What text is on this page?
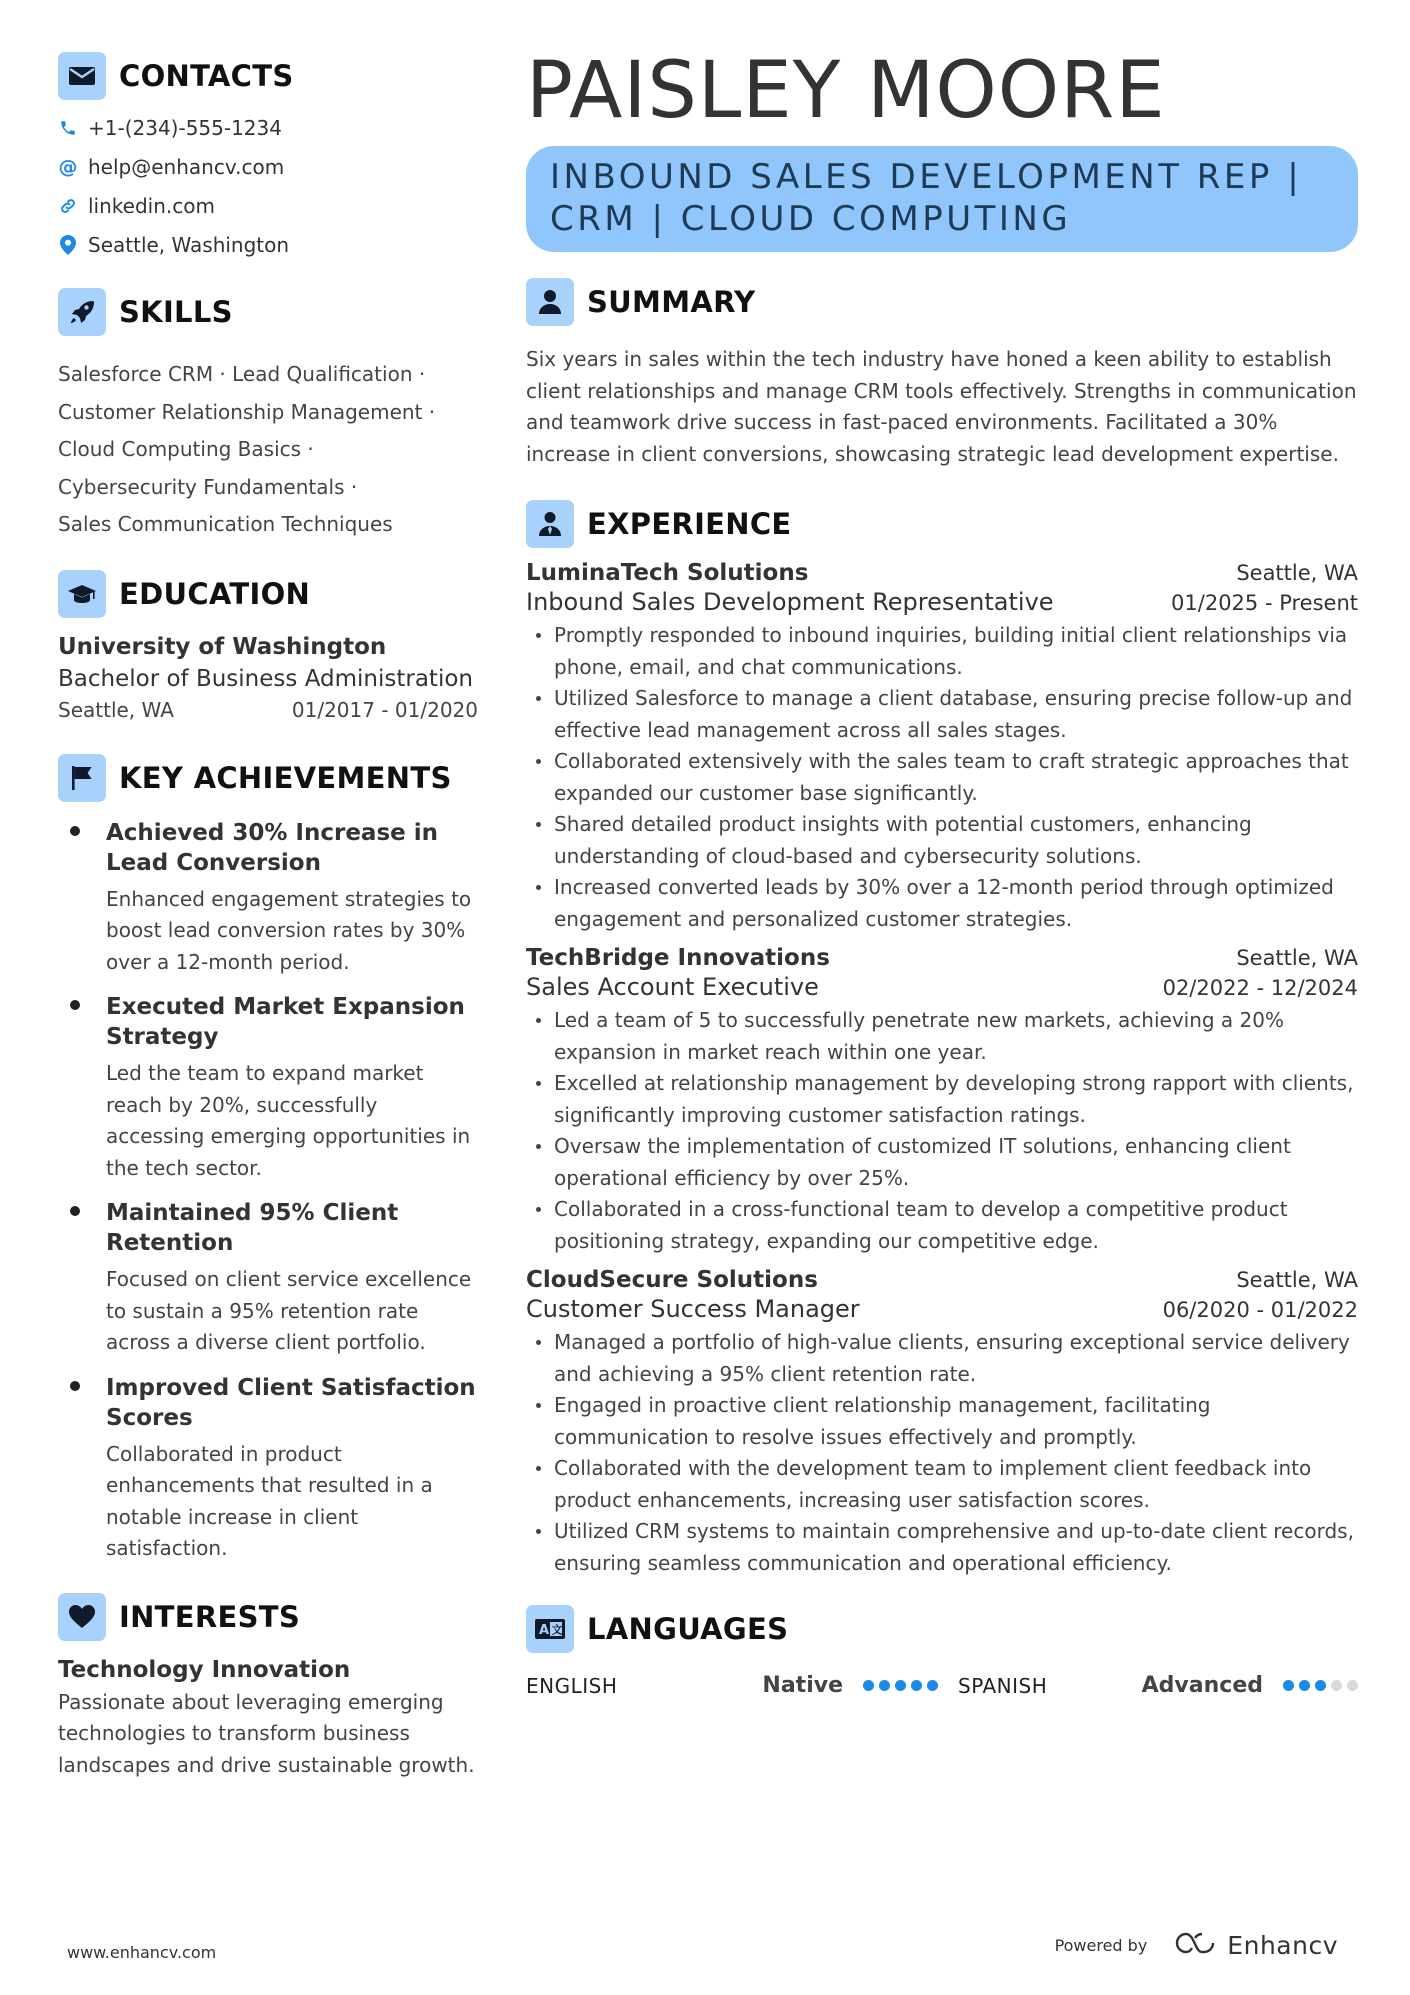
CONTACTS
+1-(234)-555-1234
@ help@enhancv.com
linkedin.com
Seattle, Washington
SKILLS
Salesforce CRM · Lead Qualification ·
Customer Relationship Management ·
Cloud Computing Basics ·
Cybersecurity Fundamentals ·
Sales Communication Techniques
EDUCATION
University of Washington
Bachelor of Business Administration
Seattle, WA	01/2017 - 01/2020
KEY ACHIEVEMENTS
Achieved 30% Increase in Lead Conversion
Enhanced engagement strategies to boost lead conversion rates by 30% over a 12-month period.
Executed Market Expansion Strategy
Led the team to expand market reach by 20%, successfully accessing emerging opportunities in the tech sector.
Maintained 95% Client Retention
Focused on client service excellence to sustain a 95% retention rate across a diverse client portfolio.
Improved Client Satisfaction Scores
Collaborated in product enhancements that resulted in a notable increase in client satisfaction.
INTERESTS
Technology Innovation
Passionate about leveraging emerging technologies to transform business landscapes and drive sustainable growth.
PAISLEY MOORE
INBOUND SALES DEVELOPMENT REP | CRM | CLOUD COMPUTING
SUMMARY
Six years in sales within the tech industry have honed a keen ability to establish client relationships and manage CRM tools effectively. Strengths in communication and teamwork drive success in fast-paced environments. Facilitated a 30% increase in client conversions, showcasing strategic lead development expertise.
EXPERIENCE
LuminaTech Solutions	Seattle, WA
Inbound Sales Development Representative	01/2025 - Present
Promptly responded to inbound inquiries, building initial client relationships via phone, email, and chat communications.
Utilized Salesforce to manage a client database, ensuring precise follow-up and effective lead management across all sales stages.
Collaborated extensively with the sales team to craft strategic approaches that expanded our customer base significantly.
Shared detailed product insights with potential customers, enhancing understanding of cloud-based and cybersecurity solutions.
Increased converted leads by 30% over a 12-month period through optimized engagement and personalized customer strategies.
TechBridge Innovations	Seattle, WA
Sales Account Executive	02/2022 - 12/2024
Led a team of 5 to successfully penetrate new markets, achieving a 20% expansion in market reach within one year.
Excelled at relationship management by developing strong rapport with clients, significantly improving customer satisfaction ratings.
Oversaw the implementation of customized IT solutions, enhancing client operational efficiency by over 25%.
Collaborated in a cross-functional team to develop a competitive product positioning strategy, expanding our competitive edge.
CloudSecure Solutions	Seattle, WA
Customer Success Manager	06/2020 - 01/2022
Managed a portfolio of high-value clients, ensuring exceptional service delivery and achieving a 95% client retention rate.
Engaged in proactive client relationship management, facilitating communication to resolve issues effectively and promptly.
Collaborated with the development team to implement client feedback into product enhancements, increasing user satisfaction scores.
Utilized CRM systems to maintain comprehensive and up-to-date client records, ensuring seamless communication and operational efficiency.
A 文 LANGUAGES
ENGLISH	Native	SPANISH	Advanced
www.enhancv.com	Powered by	Enhancv
